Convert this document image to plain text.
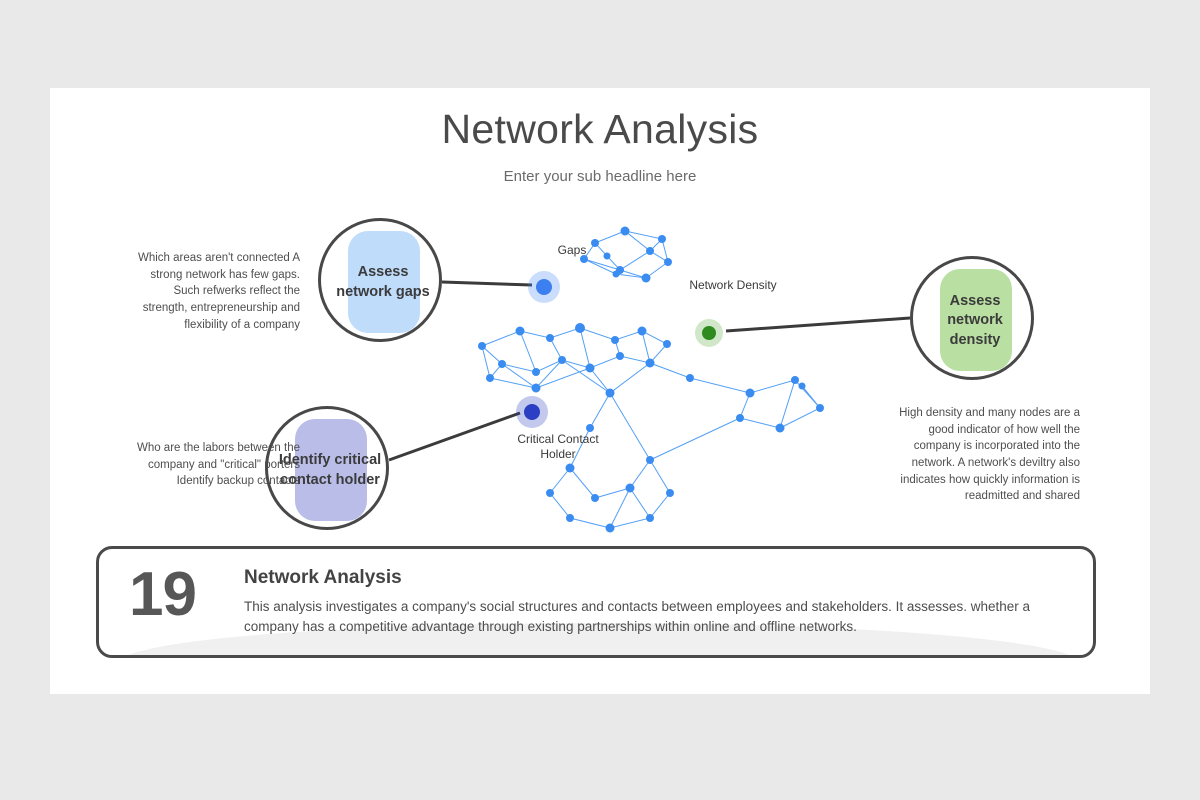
Network Analysis
Enter your sub headline here
Assess network gaps
Assess network density
Identify critical contact holder
Which areas aren't connected A strong network has few gaps. Such refwerks reflect the strength, entrepreneurship and flexibility of a company
Who are the labors between the company and "critical" porters Identify backup contacts
High density and many nodes are a good indicator of how well the company is incorporated into the network. A network's deviltry also indicates how quickly information is readmitted and shared
Gaps
Network Density
Critical Contact Holder
19	Network Analysis
This analysis investigates a company's social structures and contacts between employees and stakeholders. It assesses. whether a company has a competitive advantage through existing partnerships within online and offline networks.
